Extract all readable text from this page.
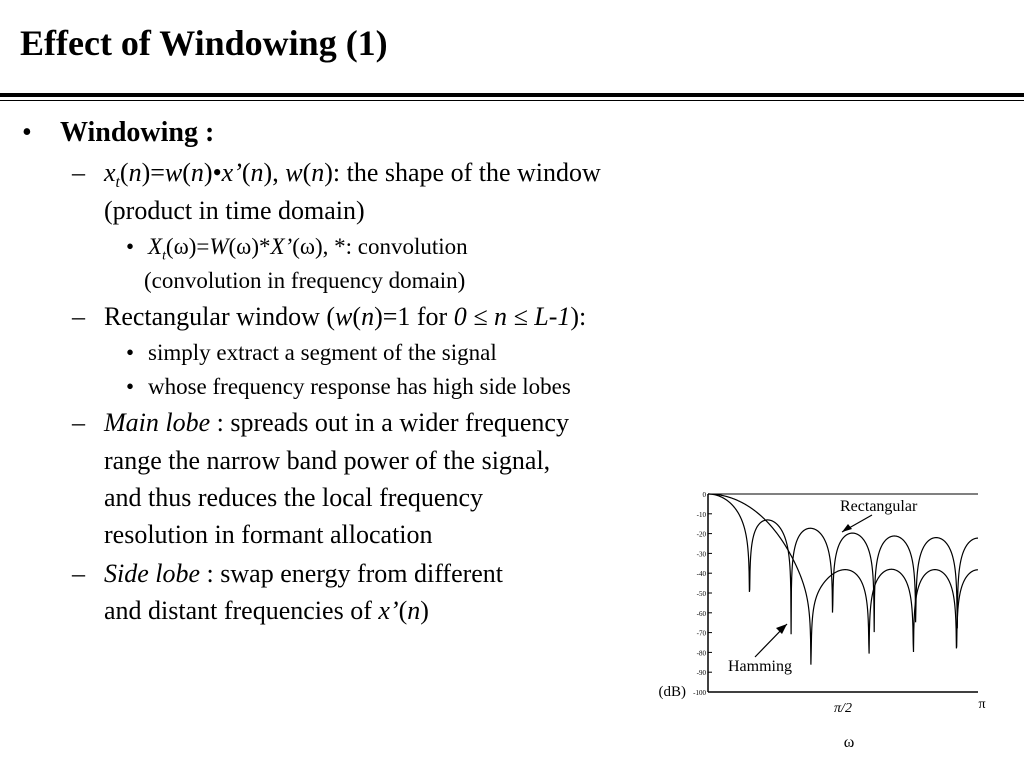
Effect of Windowing (1)
• Windowing :
– $x_t(n)=w(n)•x’(n)$, w(n): the shape of the window
(product in time domain)
• $X_t(\omega)=W(\omega)*X’(\omega)$, *: convolution
(convolution in frequency domain)
– Rectangular window (w(n)=1 for 0 ≤ n ≤ L-1):
• simply extract a segment of the signal
• whose frequency response has high side lobes
– Main lobe : spreads out in a wider frequency
range the narrow band power of the signal,
and thus reduces the local frequency
resolution in formant allocation
– Side lobe : swap energy from different
and distant frequencies of x’(n)
0
-10
-20
-30
-40
-50
-60
-70
-80
-90
-100
π/2	π
(dB)
ω
Rectangular
Hamming
